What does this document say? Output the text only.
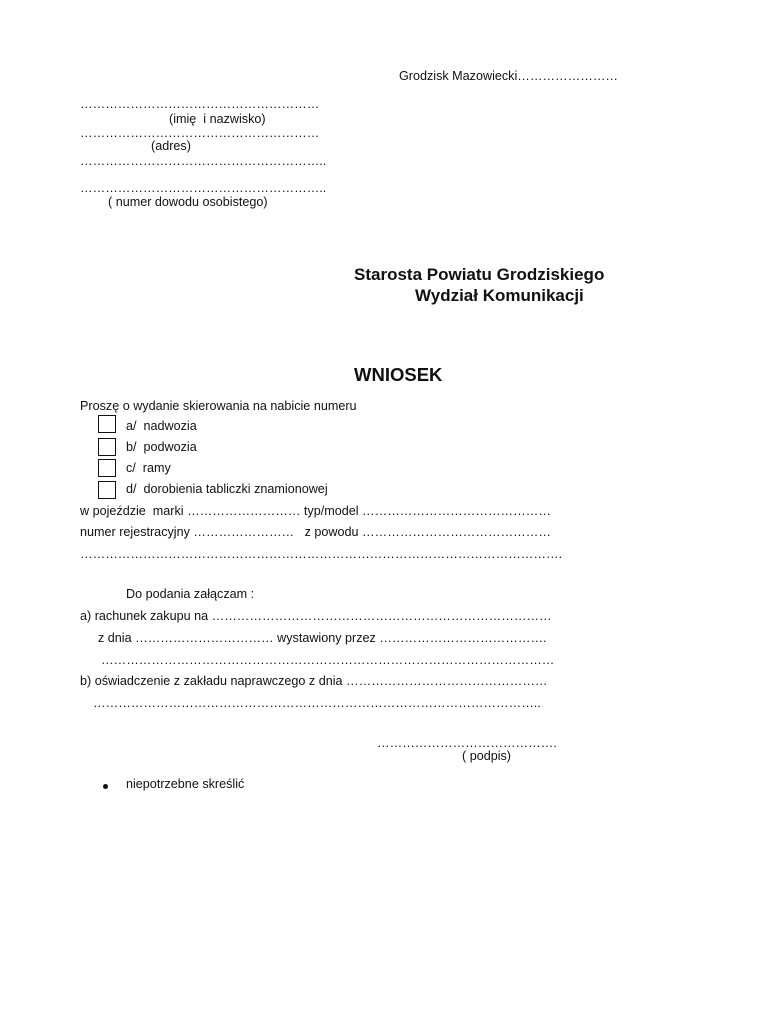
Grodzisk Mazowiecki……………………
…………………………………………………
(imię  i nazwisko)
…………………………………………………
(adres)
…………………………………………………..
…………………………………………………..
( numer dowodu osobistego)
Starosta Powiatu Grodziskiego
Wydział Komunikacji
WNIOSEK
Proszę o wydanie skierowania na nabicie numeru
a/  nadwozia
b/  podwozia
c/  ramy
d/  dorobienia tabliczki znamionowej
w pojeździe  marki ……………………… typ/model ………………………………………
numer rejestracyjny ……………………   z powodu ………………………………………
…………………………………………………………………………………………………….
Do podania załączam :
a) rachunek zakupu na ………………………………………………………………………
z dnia …………………………… wystawiony przez ………………………………….
………………………………………………………………………………………………
b) oświadczenie z zakładu naprawczego z dnia …………………………………………
……………………………………………………………………………………………..
…………………………………….
( podpis)
niepotrzebne skreślić
